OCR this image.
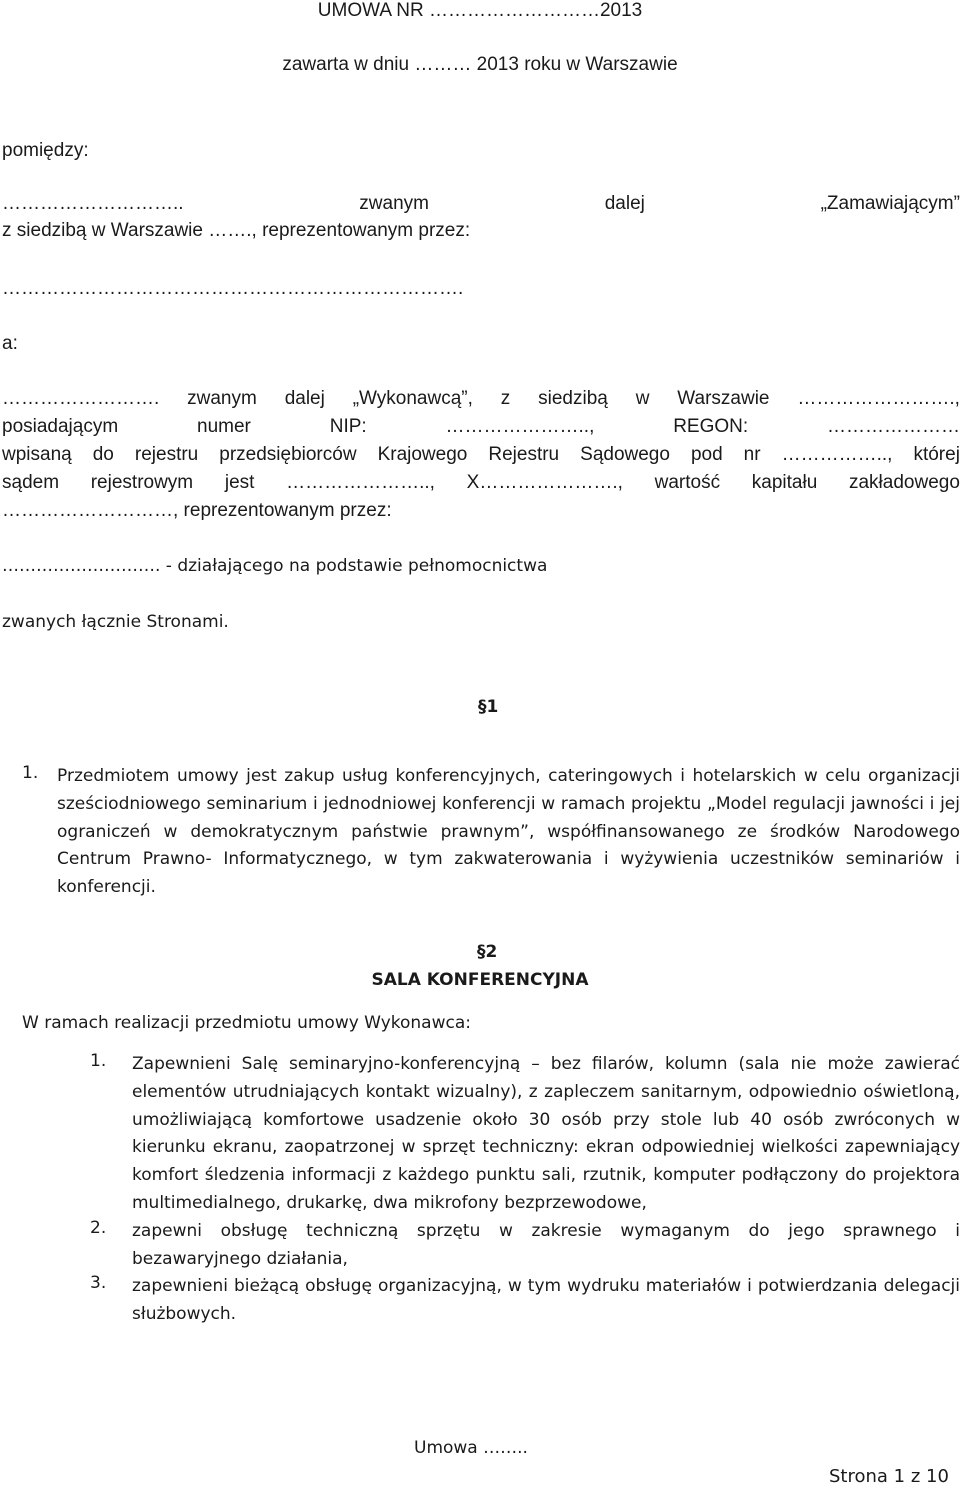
UMOWA NR ………………………2013
zawarta w dniu ……… 2013 roku w Warszawie
pomiędzy:
………………………..	zwanym	dalej	„Zamawiającym”
z siedzibą w Warszawie ……., reprezentowanym przez:
……………………………………………………………….
a:
……………………. zwanym dalej „Wykonawcą”, z siedzibą w Warszawie …………………….,
posiadającym	numer	NIP:	…………………..,	REGON:	…………………
wpisaną do rejestru przedsiębiorców Krajowego Rejestru Sądowego pod nr …………….., której
sądem rejestrowym jest ………………….., X…………………., wartość kapitału zakładowego
………………………, reprezentowanym przez:
………………………. - działającego na podstawie pełnomocnictwa
zwanych łącznie Stronami.
§1
1.	Przedmiotem umowy jest zakup usług konferencyjnych, cateringowych i hotelarskich w celu organizacji sześciodniowego seminarium i jednodniowej konferencji w ramach projektu „Model regulacji jawności i jej ograniczeń w demokratycznym państwie prawnym”, współfinansowanego ze środków Narodowego Centrum Prawno- Informatycznego, w tym zakwaterowania i wyżywienia uczestników seminariów i konferencji.
§2
SALA KONFERENCYJNA
W ramach realizacji przedmiotu umowy Wykonawca:
1.	Zapewnieni Salę seminaryjno-konferencyjną – bez filarów, kolumn (sala nie może zawierać elementów utrudniających kontakt wizualny), z zapleczem sanitarnym, odpowiednio oświetloną, umożliwiającą komfortowe usadzenie około 30 osób przy stole lub 40 osób zwróconych w kierunku ekranu, zaopatrzonej w sprzęt techniczny: ekran odpowiedniej wielkości zapewniający komfort śledzenia informacji z każdego punktu sali, rzutnik, komputer podłączony do projektora multimedialnego, drukarkę, dwa mikrofony bezprzewodowe,
2.	zapewni obsługę techniczną sprzętu w zakresie wymaganym do jego sprawnego i bezawaryjnego działania,
3.	zapewnieni bieżącą obsługę organizacyjną, w tym wydruku materiałów i potwierdzania delegacji służbowych.
Umowa ……..
Strona 1 z 10
